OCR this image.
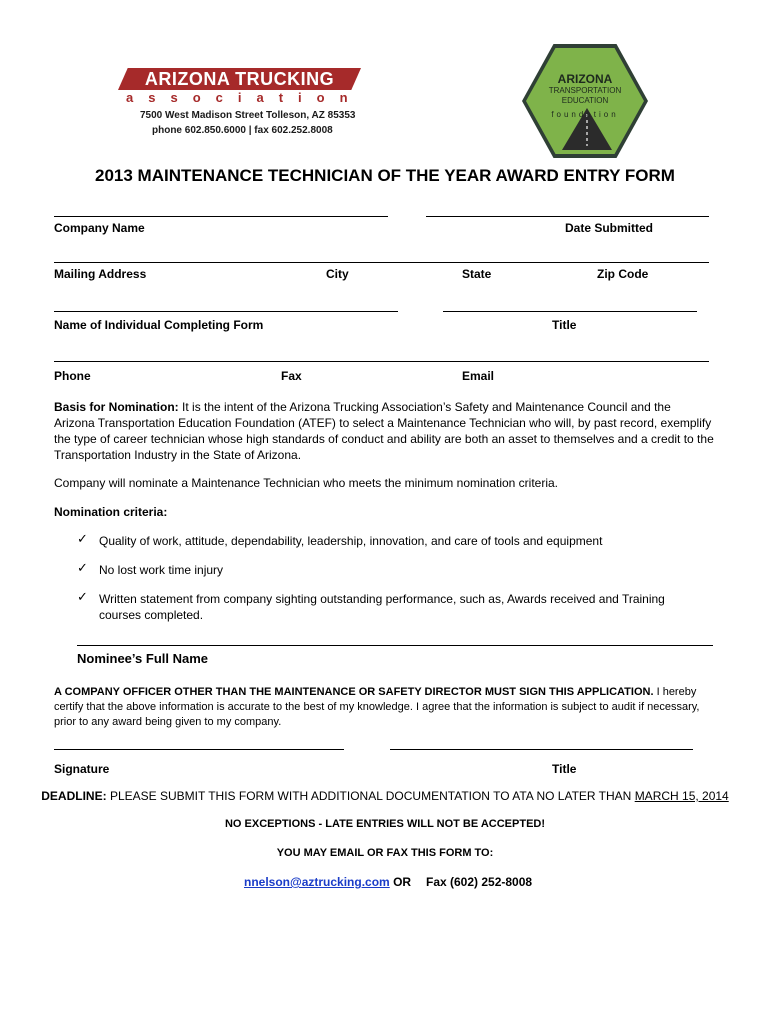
ARIZONA TRUCKING
association
7500 West Madison Street Tolleson, AZ 85353
phone 602.850.6000 | fax 602.252.8008
ARIZONA
TRANSPORTATION
EDUCATION
foundation
2013 MAINTENANCE TECHNICIAN OF THE YEAR AWARD ENTRY FORM
Company Name	Date Submitted
Mailing Address	City	State	Zip Code
Name of Individual Completing Form	Title
Phone	Fax	Email
Basis for Nomination: It is the intent of the Arizona Trucking Association’s Safety and Maintenance Council and the Arizona Transportation Education Foundation (ATEF) to select a Maintenance Technician who will, by past record, exemplify the type of career technician whose high standards of conduct and ability are both an asset to themselves and a credit to the Transportation Industry in the State of Arizona.
Company will nominate a Maintenance Technician who meets the minimum nomination criteria.
Nomination criteria:
✓ Quality of work, attitude, dependability, leadership, innovation, and care of tools and equipment
✓ No lost work time injury
✓ Written statement from company sighting outstanding performance, such as, Awards received and Training courses completed.
Nominee’s Full Name
A COMPANY OFFICER OTHER THAN THE MAINTENANCE OR SAFETY DIRECTOR MUST SIGN THIS APPLICATION. I hereby certify that the above information is accurate to the best of my knowledge. I agree that the information is subject to audit if necessary, prior to any award being given to my company.
Signature	Title
DEADLINE: PLEASE SUBMIT THIS FORM WITH ADDITIONAL DOCUMENTATION TO ATA NO LATER THAN MARCH 15, 2014
NO EXCEPTIONS - LATE ENTRIES WILL NOT BE ACCEPTED!
YOU MAY EMAIL OR FAX THIS FORM TO:
nnelson@aztrucking.com OR Fax (602) 252-8008
